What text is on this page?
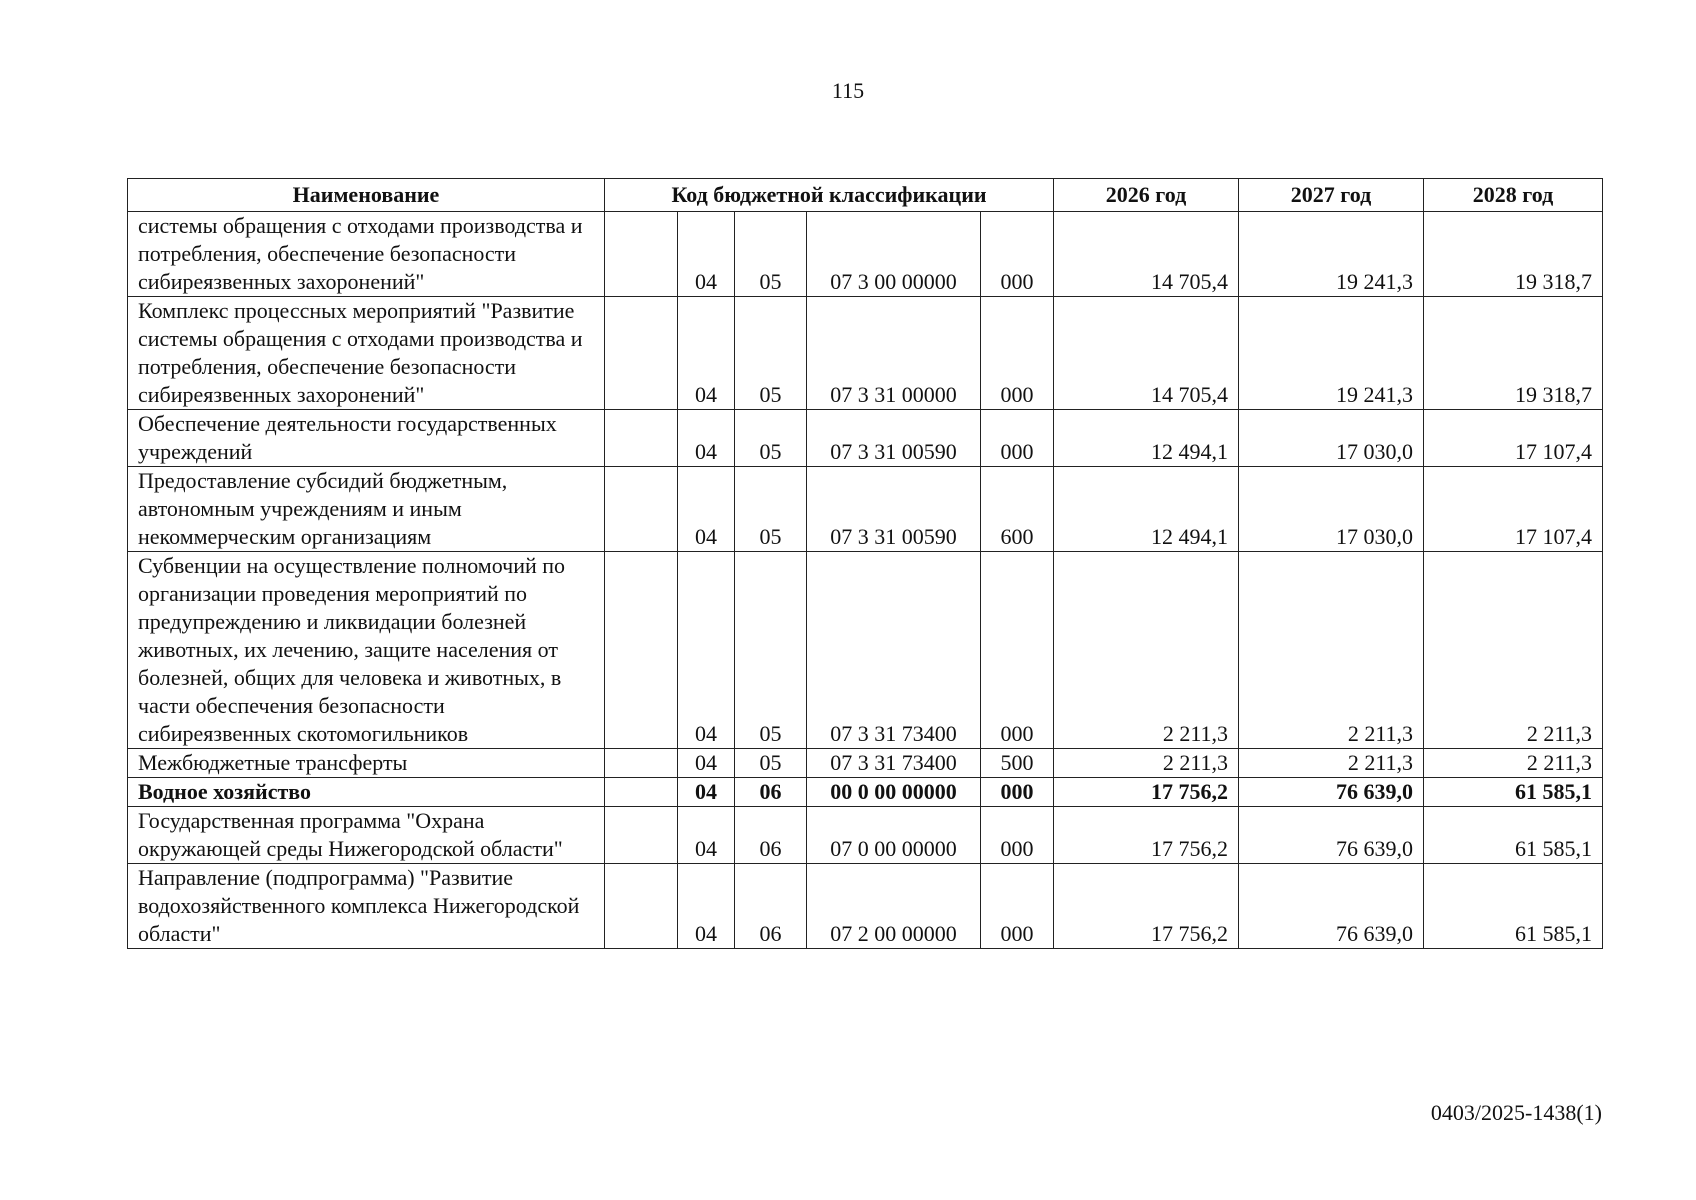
115
Наименование	Код бюджетной классификации					2026 год	2027 год	2028 год
системы обращения с отходами производства и потребления, обеспечение безопасности сибиреязвенных захоронений"		04	05	07 3 00 00000	000	14 705,4	19 241,3	19 318,7
Комплекс процессных мероприятий "Развитие системы обращения с отходами производства и потребления, обеспечение безопасности сибиреязвенных захоронений"		04	05	07 3 31 00000	000	14 705,4	19 241,3	19 318,7
Обеспечение деятельности государственных учреждений		04	05	07 3 31 00590	000	12 494,1	17 030,0	17 107,4
Предоставление субсидий бюджетным, автономным учреждениям и иным некоммерческим организациям		04	05	07 3 31 00590	600	12 494,1	17 030,0	17 107,4
Субвенции на осуществление полномочий по организации проведения мероприятий по предупреждению и ликвидации болезней животных, их лечению, защите населения от болезней, общих для человека и животных, в части обеспечения безопасности сибиреязвенных скотомогильников		04	05	07 3 31 73400	000	2 211,3	2 211,3	2 211,3
Межбюджетные трансферты		04	05	07 3 31 73400	500	2 211,3	2 211,3	2 211,3
Водное хозяйство		04	06	00 0 00 00000	000	17 756,2	76 639,0	61 585,1
Государственная программа "Охрана окружающей среды Нижегородской области"		04	06	07 0 00 00000	000	17 756,2	76 639,0	61 585,1
Направление (подпрограмма) "Развитие водохозяйственного комплекса Нижегородской области"		04	06	07 2 00 00000	000	17 756,2	76 639,0	61 585,1
0403/2025-1438(1)
